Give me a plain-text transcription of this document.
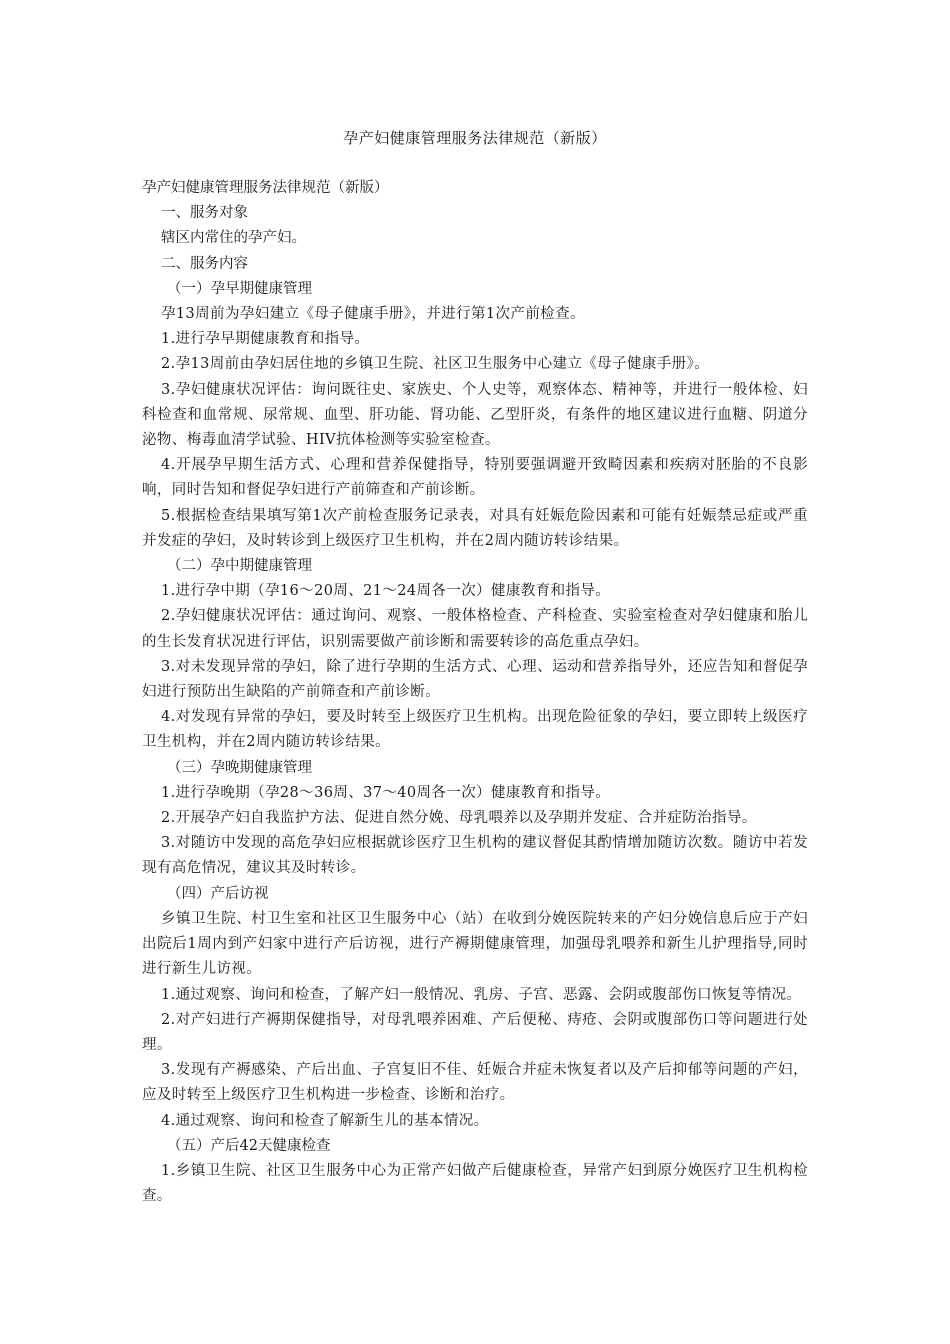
孕产妇健康管理服务法律规范（新版）

孕产妇健康管理服务法律规范（新版）

一、服务对象

辖区内常住的孕产妇。

二、服务内容

（一）孕早期健康管理

孕13周前为孕妇建立《母子健康手册》，并进行第1次产前检查。

1.进行孕早期健康教育和指导。

2.孕13周前由孕妇居住地的乡镇卫生院、社区卫生服务中心建立《母子健康手册》。

3.孕妇健康状况评估：询问既往史、家族史、个人史等，观察体态、精神等，并进行一般体检、妇科检查和血常规、尿常规、血型、肝功能、肾功能、乙型肝炎，有条件的地区建议进行血糖、阴道分泌物、梅毒血清学试验、HIV抗体检测等实验室检查。

4.开展孕早期生活方式、心理和营养保健指导，特别要强调避开致畸因素和疾病对胚胎的不良影响，同时告知和督促孕妇进行产前筛查和产前诊断。

5.根据检查结果填写第1次产前检查服务记录表，对具有妊娠危险因素和可能有妊娠禁忌症或严重并发症的孕妇，及时转诊到上级医疗卫生机构，并在2周内随访转诊结果。

（二）孕中期健康管理

1.进行孕中期（孕16～20周、21～24周各一次）健康教育和指导。

2.孕妇健康状况评估：通过询问、观察、一般体格检查、产科检查、实验室检查对孕妇健康和胎儿的生长发育状况进行评估，识别需要做产前诊断和需要转诊的高危重点孕妇。

3.对未发现异常的孕妇，除了进行孕期的生活方式、心理、运动和营养指导外，还应告知和督促孕妇进行预防出生缺陷的产前筛查和产前诊断。

4.对发现有异常的孕妇，要及时转至上级医疗卫生机构。出现危险征象的孕妇，要立即转上级医疗卫生机构，并在2周内随访转诊结果。

（三）孕晚期健康管理

1.进行孕晚期（孕28～36周、37～40周各一次）健康教育和指导。

2.开展孕产妇自我监护方法、促进自然分娩、母乳喂养以及孕期并发症、合并症防治指导。

3.对随访中发现的高危孕妇应根据就诊医疗卫生机构的建议督促其酌情增加随访次数。随访中若发现有高危情况，建议其及时转诊。

（四）产后访视

乡镇卫生院、村卫生室和社区卫生服务中心（站）在收到分娩医院转来的产妇分娩信息后应于产妇出院后1周内到产妇家中进行产后访视，进行产褥期健康管理，加强母乳喂养和新生儿护理指导,同时进行新生儿访视。

1.通过观察、询问和检查，了解产妇一般情况、乳房、子宫、恶露、会阴或腹部伤口恢复等情况。

2.对产妇进行产褥期保健指导，对母乳喂养困难、产后便秘、痔疮、会阴或腹部伤口等问题进行处理。

3.发现有产褥感染、产后出血、子宫复旧不佳、妊娠合并症未恢复者以及产后抑郁等问题的产妇，应及时转至上级医疗卫生机构进一步检查、诊断和治疗。

4.通过观察、询问和检查了解新生儿的基本情况。

（五）产后42天健康检查

1.乡镇卫生院、社区卫生服务中心为正常产妇做产后健康检查，异常产妇到原分娩医疗卫生机构检查。
